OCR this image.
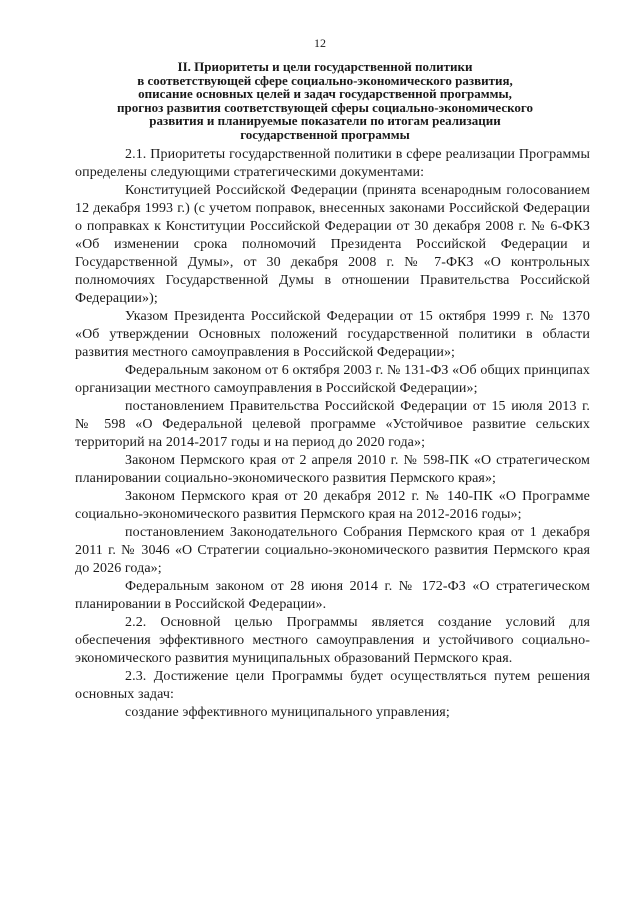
12
II. Приоритеты и цели государственной политики
в соответствующей сфере социально-экономического развития,
описание основных целей и задач государственной программы,
прогноз развития соответствующей сферы социально-экономического
развития и планируемые показатели по итогам реализации
государственной программы

2.1. Приоритеты государственной политики в сфере реализации Программы определены следующими стратегическими документами:

Конституцией Российской Федерации (принята всенародным голосованием 12 декабря 1993 г.) (с учетом поправок, внесенных законами Российской Федерации о поправках к Конституции Российской Федерации от 30 декабря 2008 г. № 6-ФКЗ «Об изменении срока полномочий Президента Российской Федерации и Государственной Думы», от 30 декабря 2008 г. № 7-ФКЗ «О контрольных полномочиях Государственной Думы в отношении Правительства Российской Федерации»);

Указом Президента Российской Федерации от 15 октября 1999 г. № 1370 «Об утверждении Основных положений государственной политики в области развития местного самоуправления в Российской Федерации»;

Федеральным законом от 6 октября 2003 г. № 131-ФЗ «Об общих принципах организации местного самоуправления в Российской Федерации»;

постановлением Правительства Российской Федерации от 15 июля 2013 г. № 598 «О Федеральной целевой программе «Устойчивое развитие сельских территорий на 2014-2017 годы и на период до 2020 года»;

Законом Пермского края от 2 апреля 2010 г. № 598-ПК «О стратегическом планировании социально-экономического развития Пермского края»;

Законом Пермского края от 20 декабря 2012 г. № 140-ПК «О Программе социально-экономического развития Пермского края на 2012-2016 годы»;

постановлением Законодательного Собрания Пермского края от 1 декабря 2011 г. № 3046 «О Стратегии социально-экономического развития Пермского края до 2026 года»;

Федеральным законом от 28 июня 2014 г. № 172-ФЗ «О стратегическом планировании в Российской Федерации».

2.2. Основной целью Программы является создание условий для обеспечения эффективного местного самоуправления и устойчивого социально-экономического развития муниципальных образований Пермского края.

2.3. Достижение цели Программы будет осуществляться путем решения основных задач:

создание эффективного муниципального управления;
